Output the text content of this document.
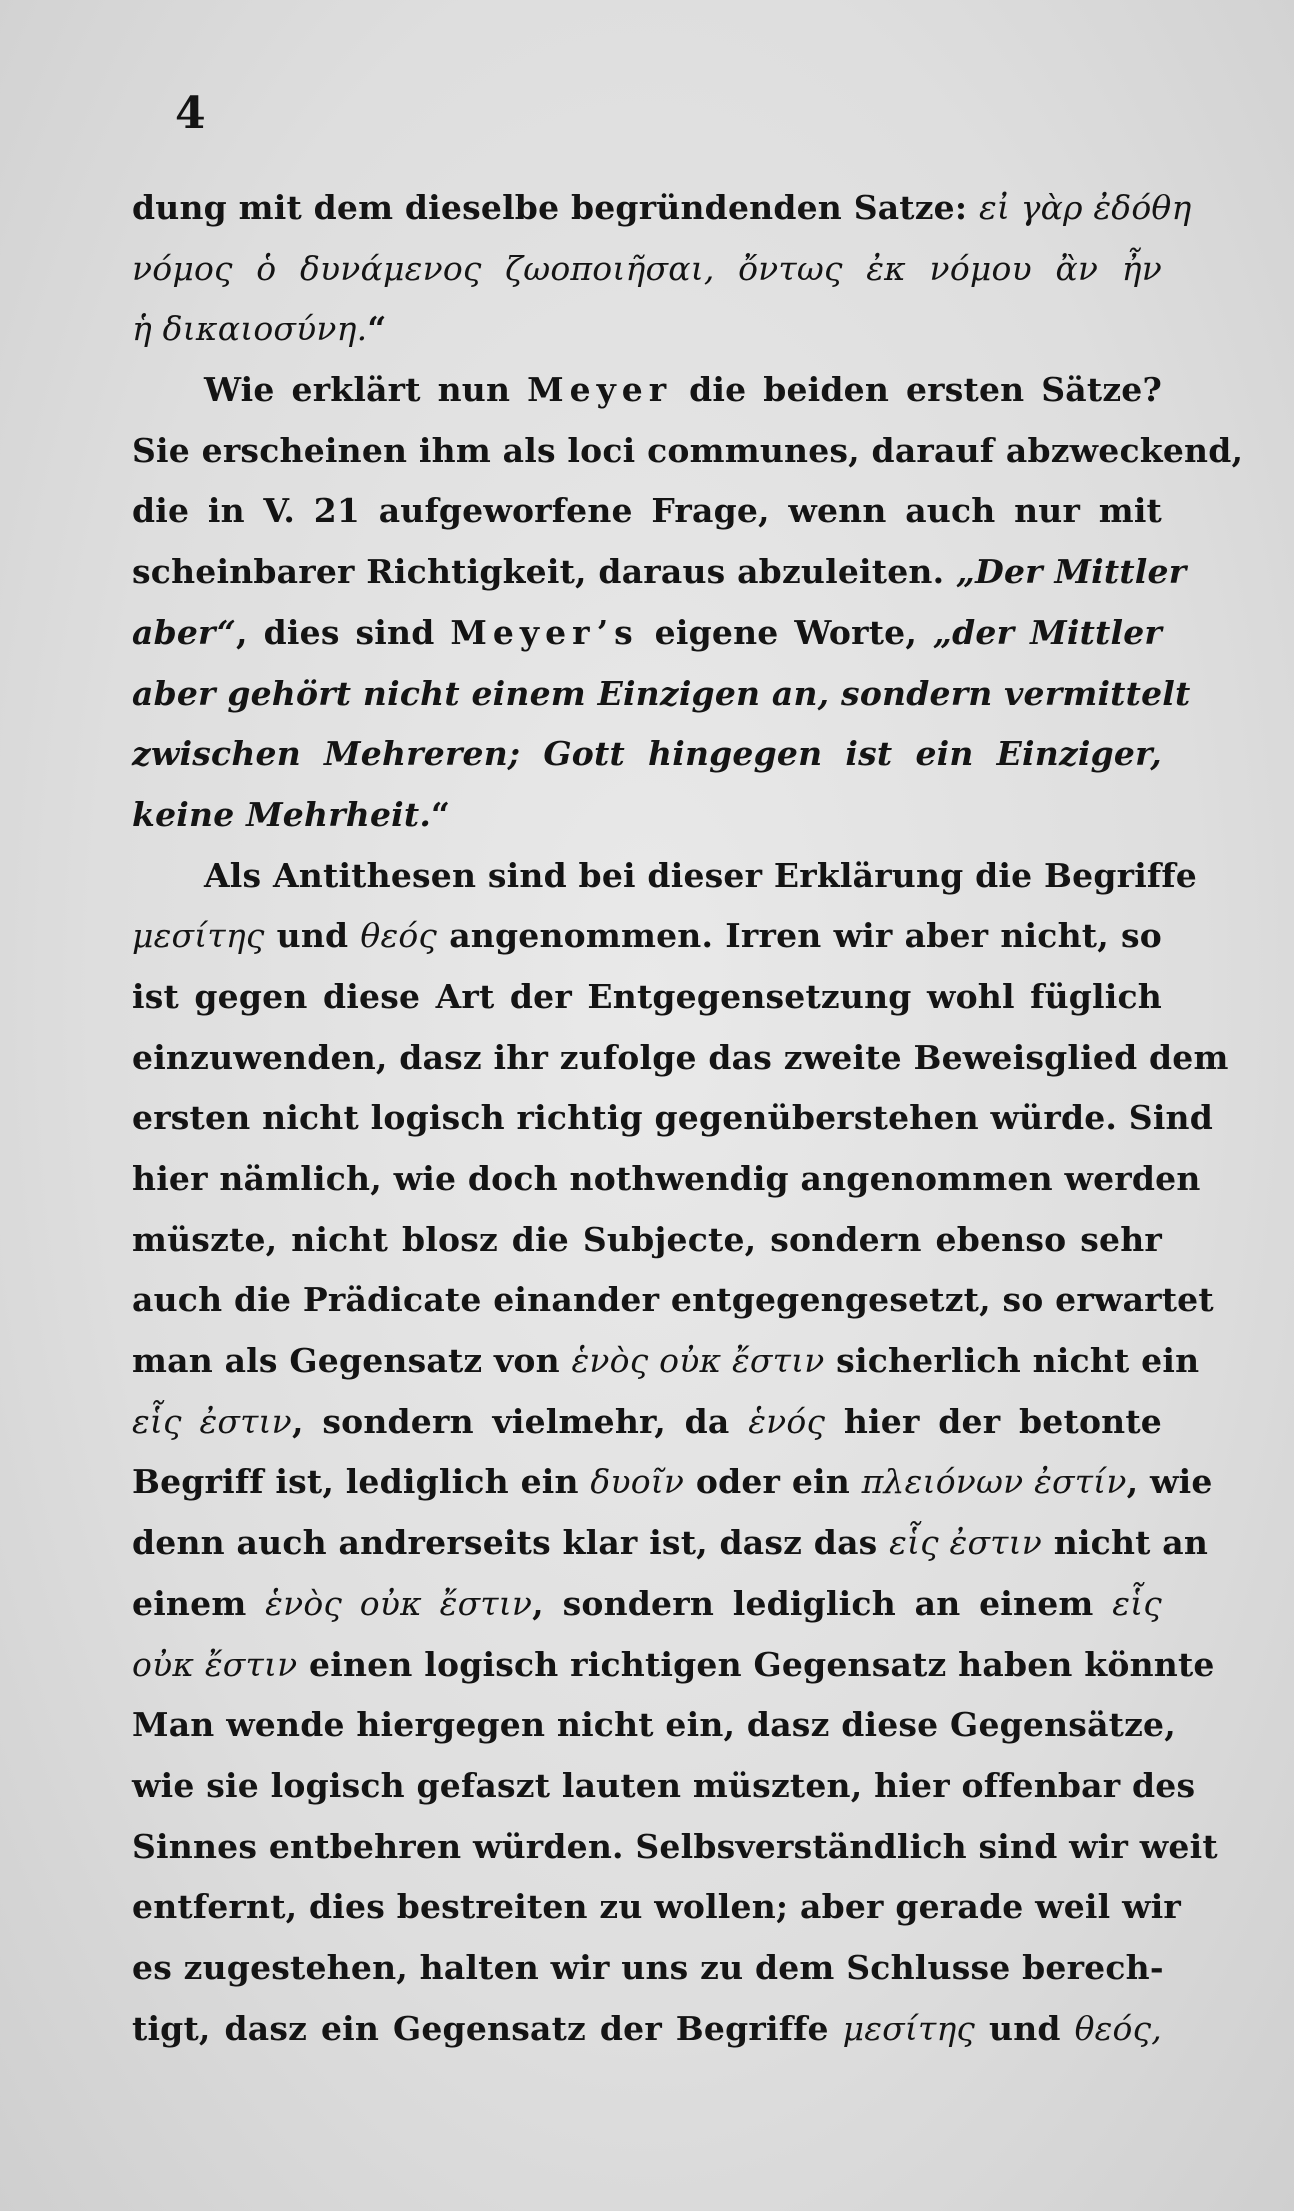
4
dung mit dem dieselbe begründenden Satze: εἰ γὰρ ἐδόθη
νόμος ὁ δυνάμενος ζωοποιῆσαι, ὄντως ἐκ νόμου ἂν ἦν
ἡ δικαιοσύνη.“
Wie erklärt nun Meyer die beiden ersten Sätze?
Sie erscheinen ihm als loci communes, darauf abzweckend,
die in V. 21 aufgeworfene Frage, wenn auch nur mit
scheinbarer Richtigkeit, daraus abzuleiten. „Der Mittler
aber“, dies sind Meyer’s eigene Worte, „der Mittler
aber gehört nicht einem Einzigen an, sondern vermittelt
zwischen Mehreren; Gott hingegen ist ein Einziger,
keine Mehrheit.“
Als Antithesen sind bei dieser Erklärung die Begriffe
μεσίτης und θεός angenommen. Irren wir aber nicht, so
ist gegen diese Art der Entgegensetzung wohl füglich
einzuwenden, dasz ihr zufolge das zweite Beweisglied dem
ersten nicht logisch richtig gegenüberstehen würde. Sind
hier nämlich, wie doch nothwendig angenommen werden
müszte, nicht blosz die Subjecte, sondern ebenso sehr
auch die Prädicate einander entgegengesetzt, so erwartet
man als Gegensatz von ἑνὸς οὐκ ἔστιν sicherlich nicht ein
εἷς ἐστιν, sondern vielmehr, da ἑνός hier der betonte
Begriff ist, lediglich ein δυοῖν oder ein πλειόνων ἐστίν, wie
denn auch andrerseits klar ist, dasz das εἷς ἐστιν nicht an
einem ἑνὸς οὐκ ἔστιν, sondern lediglich an einem εἷς
οὐκ ἔστιν einen logisch richtigen Gegensatz haben könnte
Man wende hiergegen nicht ein, dasz diese Gegensätze,
wie sie logisch gefaszt lauten müszten, hier offenbar des
Sinnes entbehren würden. Selbsverständlich sind wir weit
entfernt, dies bestreiten zu wollen; aber gerade weil wir
es zugestehen, halten wir uns zu dem Schlusse berech-
tigt, dasz ein Gegensatz der Begriffe μεσίτης und θεός,
